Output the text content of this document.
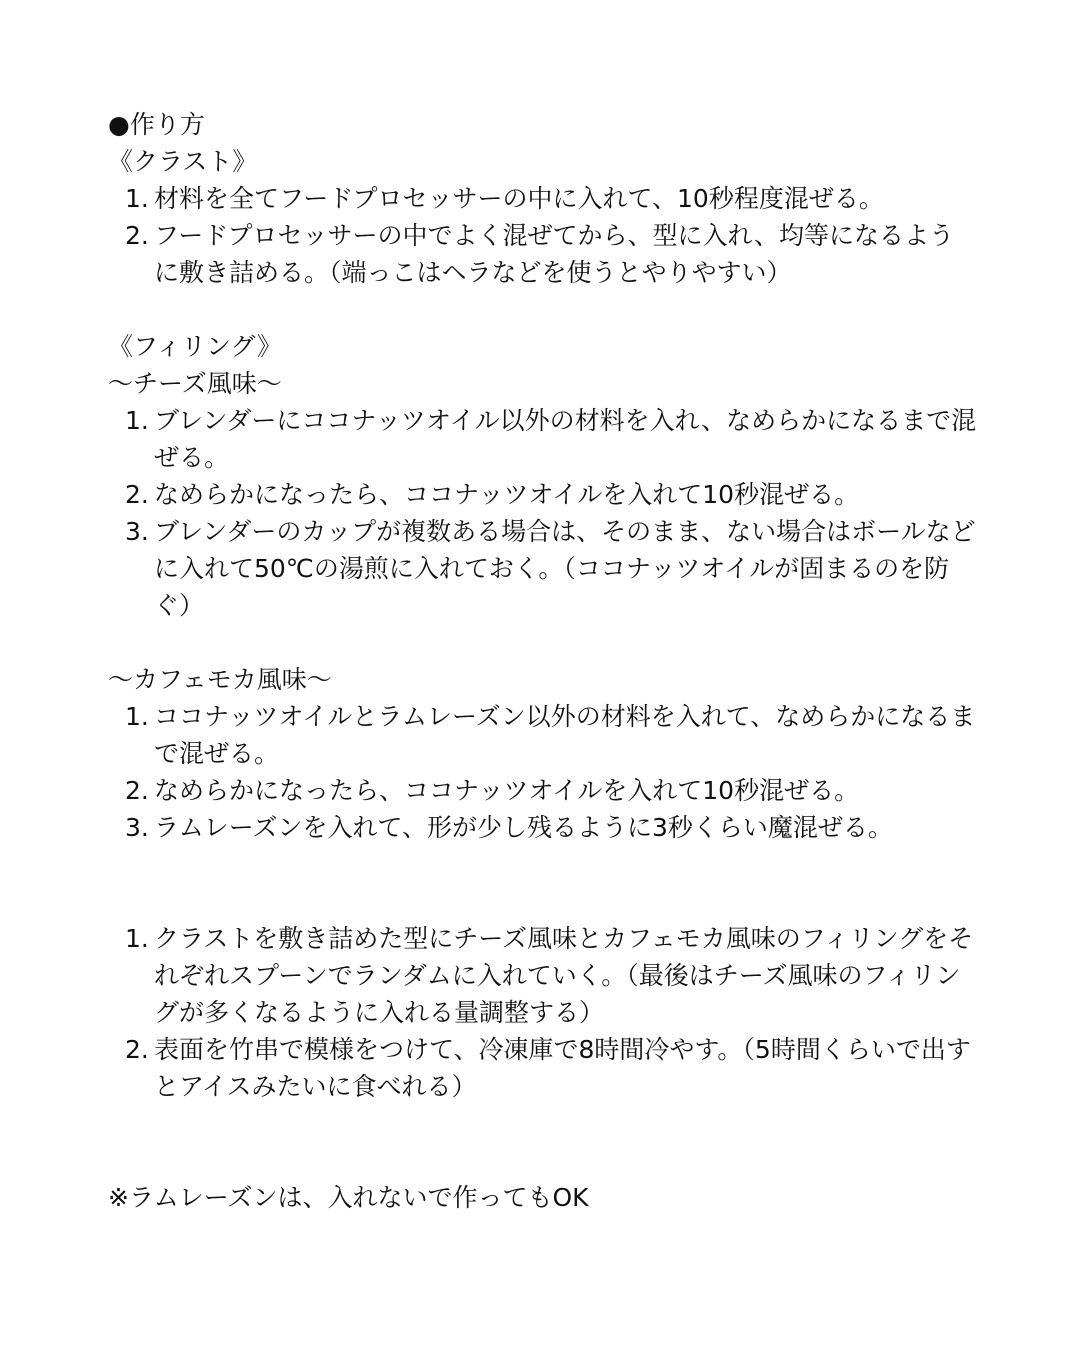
●作り方

《クラスト》

1. 材料を全てフードプロセッサーの中に入れて、10秒程度混ぜる。
2. フードプロセッサーの中でよく混ぜてから、型に入れ、均等になるように敷き詰める。（端っこはヘラなどを使うとやりやすい）

《フィリング》

〜チーズ風味〜

1. ブレンダーにココナッツオイル以外の材料を入れ、なめらかになるまで混ぜる。
2. なめらかになったら、ココナッツオイルを入れて10秒混ぜる。
3. ブレンダーのカップが複数ある場合は、そのまま、ない場合はボールなどに入れて50℃の湯煎に入れておく。（ココナッツオイルが固まるのを防ぐ）

〜カフェモカ風味〜

1. ココナッツオイルとラムレーズン以外の材料を入れて、なめらかになるまで混ぜる。
2. なめらかになったら、ココナッツオイルを入れて10秒混ぜる。
3. ラムレーズンを入れて、形が少し残るように3秒くらい魔混ぜる。
1. クラストを敷き詰めた型にチーズ風味とカフェモカ風味のフィリングをそれぞれスプーンでランダムに入れていく。（最後はチーズ風味のフィリングが多くなるように入れる量調整する）
2. 表面を竹串で模様をつけて、冷凍庫で8時間冷やす。（5時間くらいで出すとアイスみたいに食べれる）

※ラムレーズンは、入れないで作ってもOK
